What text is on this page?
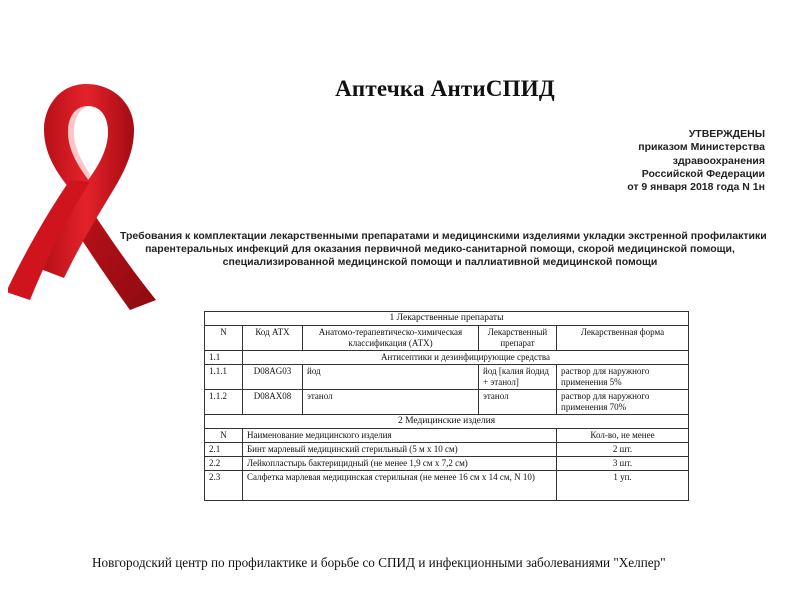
Аптечка АнтиСПИД
УТВЕРЖДЕНЫ
приказом Министерства
здравоохранения
Российской Федерации
от 9 января 2018 года N 1н
Требования к комплектации лекарственными препаратами и медицинскими изделиями укладки экстренной профилактики
парентеральных инфекций для оказания первичной медико-санитарной помощи, скорой медицинской помощи,
специализированной медицинской помощи и паллиативной медицинской помощи
1 Лекарственные препараты				
N	Код АТХ	Анатомо-терапевтическо-химическая классификация (АТХ)	Лекарственный препарат	Лекарственная форма
1.1	Антисептики и дезинфицирующие средства			
1.1.1	D08AG03	йод	йод [калия йодид + этанол]	раствор для наружного применения 5%
1.1.2	D08AX08	этанол	этанол	раствор для наружного применения 70%
2 Медицинские изделия				
N	Наименование медицинского изделия			Кол-во, не менее
2.1	Бинт марлевый медицинский стерильный (5 м х 10 см)			2 шт.
2.2	Лейкопластырь бактерицидный (не менее 1,9 см х 7,2 см)			3 шт.
2.3	Салфетка марлевая медицинская стерильная (не менее 16 см х 14 см, N 10)			1 уп.
Новгородский центр по профилактике и борьбе со СПИД и инфекционными заболеваниями "Хелпер"
